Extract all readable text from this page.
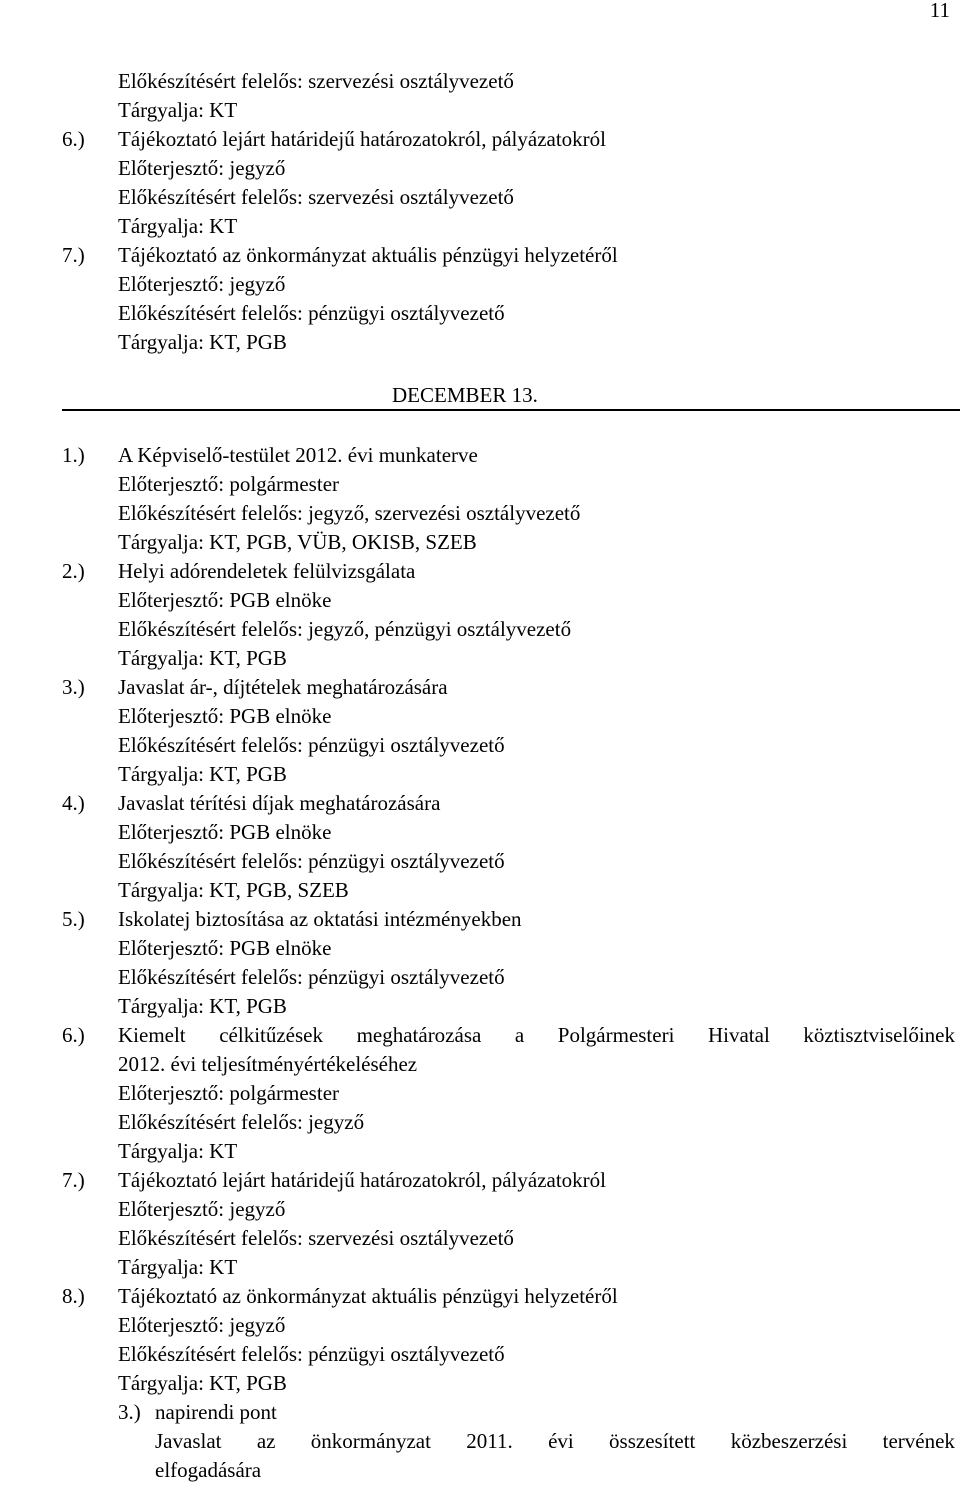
11
Előkészítésért felelős: szervezési osztályvezető
Tárgyalja: KT
6.) Tájékoztató lejárt határidejű határozatokról, pályázatokról
Előterjesztő: jegyző
Előkészítésért felelős: szervezési osztályvezető
Tárgyalja: KT
7.) Tájékoztató az önkormányzat aktuális pénzügyi helyzetéről
Előterjesztő: jegyző
Előkészítésért felelős: pénzügyi osztályvezető
Tárgyalja: KT, PGB
DECEMBER 13.
1.) A Képviselő-testület 2012. évi munkaterve
Előterjesztő: polgármester
Előkészítésért felelős: jegyző, szervezési osztályvezető
Tárgyalja: KT, PGB, VÜB, OKISB, SZEB
2.) Helyi adórendeletek felülvizsgálata
Előterjesztő: PGB elnöke
Előkészítésért felelős: jegyző, pénzügyi osztályvezető
Tárgyalja: KT, PGB
3.) Javaslat ár-, díjtételek meghatározására
Előterjesztő: PGB elnöke
Előkészítésért felelős: pénzügyi osztályvezető
Tárgyalja: KT, PGB
4.) Javaslat térítési díjak meghatározására
Előterjesztő: PGB elnöke
Előkészítésért felelős: pénzügyi osztályvezető
Tárgyalja: KT, PGB, SZEB
5.) Iskolatej biztosítása az oktatási intézményekben
Előterjesztő: PGB elnöke
Előkészítésért felelős: pénzügyi osztályvezető
Tárgyalja: KT, PGB
6.) Kiemelt célkitűzések meghatározása a Polgármesteri Hivatal köztisztviselőinek
2012. évi teljesítményértékeléséhez
Előterjesztő: polgármester
Előkészítésért felelős: jegyző
Tárgyalja: KT
7.) Tájékoztató lejárt határidejű határozatokról, pályázatokról
Előterjesztő: jegyző
Előkészítésért felelős: szervezési osztályvezető
Tárgyalja: KT
8.) Tájékoztató az önkormányzat aktuális pénzügyi helyzetéről
Előterjesztő: jegyző
Előkészítésért felelős: pénzügyi osztályvezető
Tárgyalja: KT, PGB
3.) napirendi pont
Javaslat az önkormányzat 2011. évi összesített közbeszerzési tervének
elfogadására
